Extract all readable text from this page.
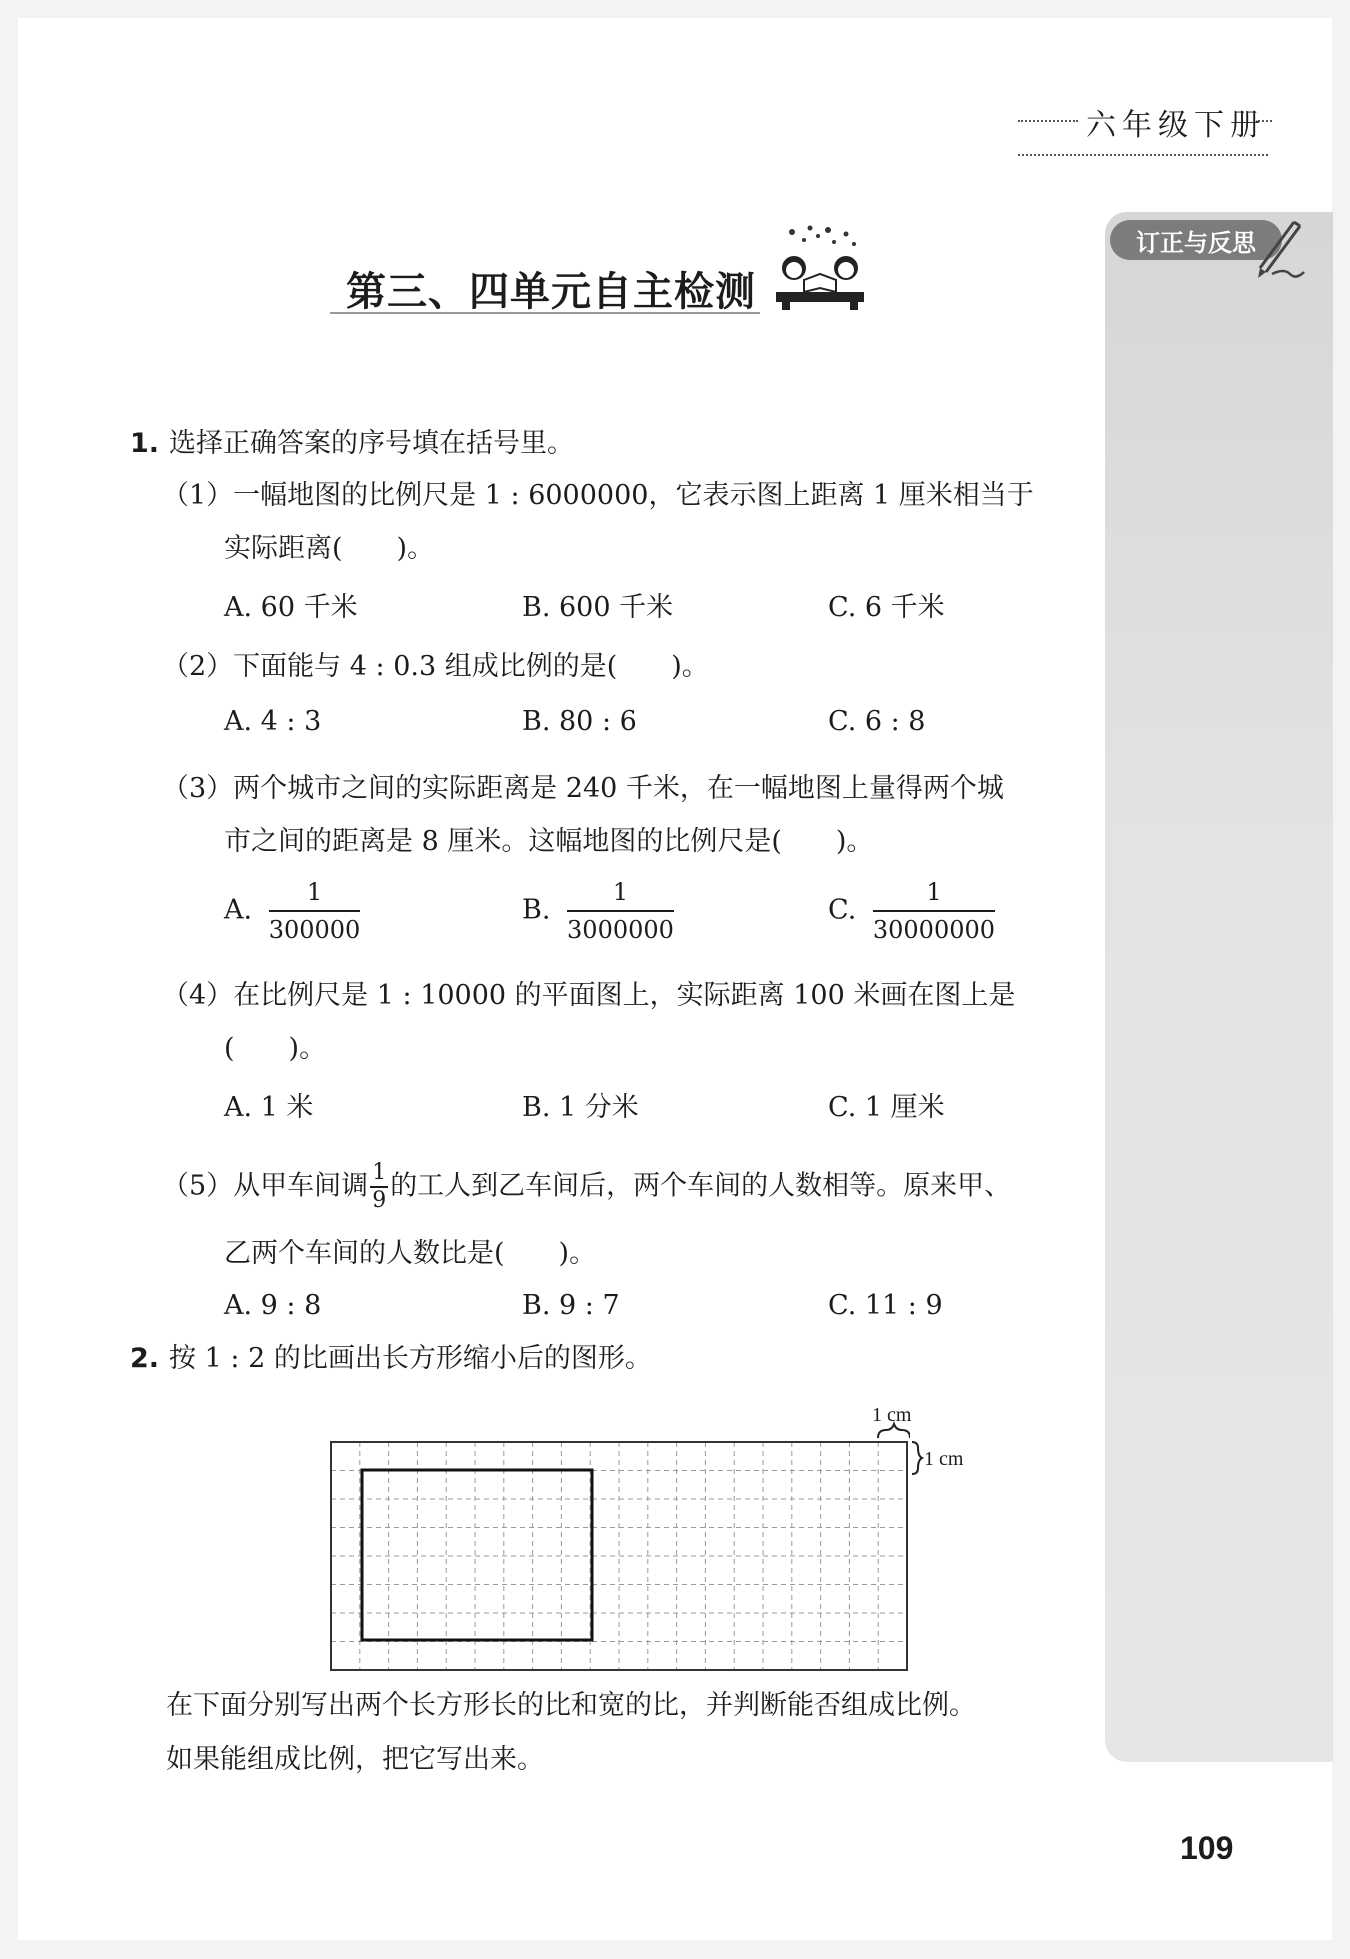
六年级下册
订正与反思
第三、四单元自主检测
1. 选择正确答案的序号填在括号里。
（1）一幅地图的比例尺是 1 : 6000000，它表示图上距离 1 厘米相当于
实际距离(　　)。
A. 60 千米	B. 600 千米	C. 6 千米
（2）下面能与 4 : 0.3 组成比例的是(　　)。
A. 4 : 3	B. 80 : 6	C. 6 : 8
（3）两个城市之间的实际距离是 240 千米，在一幅地图上量得两个城
市之间的距离是 8 厘米。这幅地图的比例尺是(　　)。
A. $\frac{1}{300000}$	B. $\frac{1}{3000000}$	C. $\frac{1}{30000000}$
（4）在比例尺是 1 : 10000 的平面图上，实际距离 100 米画在图上是
(　　)。
A. 1 米	B. 1 分米	C. 1 厘米
（5）从甲车间调 $\frac{1}{9}$ 的工人到乙车间后，两个车间的人数相等。原来甲、
乙两个车间的人数比是(　　)。
A. 9 : 8	B. 9 : 7	C. 11 : 9
2. 按 1 : 2 的比画出长方形缩小后的图形。
1 cm
1 cm
在下面分别写出两个长方形长的比和宽的比，并判断能否组成比例。
如果能组成比例，把它写出来。
109
